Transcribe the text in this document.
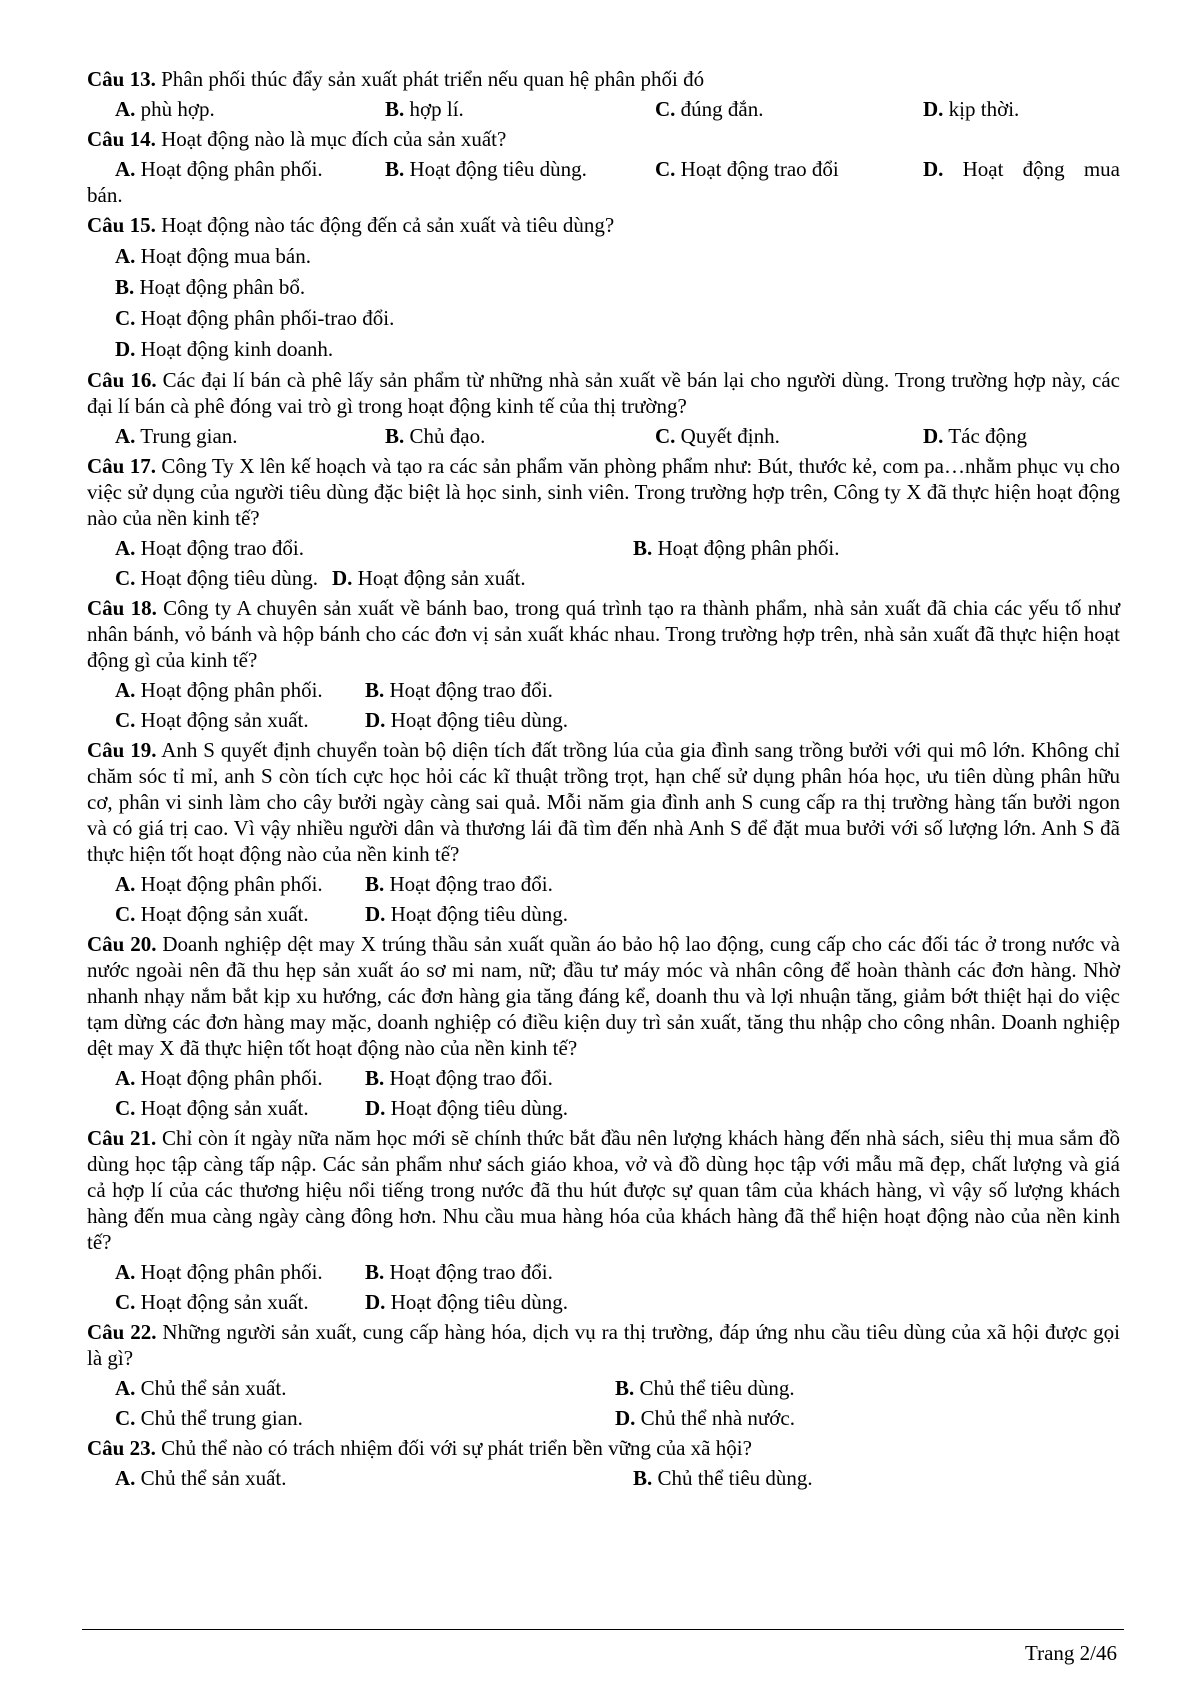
Câu 13. Phân phối thúc đẩy sản xuất phát triển nếu quan hệ phân phối đó

A. phù hợp.	B. hợp lí.	C. đúng đắn.	D. kịp thời.

Câu 14. Hoạt động nào là mục đích của sản xuất?

A. Hoạt động phân phối.	B. Hoạt động tiêu dùng.	C. Hoạt động trao đổi	D. Hoạt động mua

bán.

Câu 15. Hoạt động nào tác động đến cả sản xuất và tiêu dùng?

A.
Hoạt động mua bán.
B.
Hoạt động phân bổ.
C.
Hoạt động phân phối-trao đổi.
D.
Hoạt động kinh doanh.

Câu 16. Các đại lí bán cà phê lấy sản phẩm từ những nhà sản xuất về bán lại cho người dùng. Trong trường hợp này, các đại lí bán cà phê đóng vai trò gì trong hoạt động kinh tế của thị trường?

A. Trung gian.	B. Chủ đạo.	C. Quyết định.	D. Tác động

Câu 17. Công Ty X lên kế hoạch và tạo ra các sản phẩm văn phòng phẩm như: Bút, thước kẻ, com pa…nhằm phục vụ cho việc sử dụng của người tiêu dùng đặc biệt là học sinh, sinh viên. Trong trường hợp trên, Công ty X đã thực hiện hoạt động nào của nền kinh tế?

A. Hoạt động trao đổi.	B. Hoạt động phân phối.
C. Hoạt động tiêu dùng. D. Hoạt động sản xuất.

Câu 18. Công ty A chuyên sản xuất về bánh bao, trong quá trình tạo ra thành phẩm, nhà sản xuất đã chia các yếu tố như nhân bánh, vỏ bánh và hộp bánh cho các đơn vị sản xuất khác nhau. Trong trường hợp trên, nhà sản xuất đã thực hiện hoạt động gì của kinh tế?

A. Hoạt động phân phối.	B. Hoạt động trao đổi.
C. Hoạt động sản xuất.	D. Hoạt động tiêu dùng.

Câu 19. Anh S quyết định chuyển toàn bộ diện tích đất trồng lúa của gia đình sang trồng bưởi với qui mô lớn. Không chỉ chăm sóc tỉ mỉ, anh S còn tích cực học hỏi các kĩ thuật trồng trọt, hạn chế sử dụng phân hóa học, ưu tiên dùng phân hữu cơ, phân vi sinh làm cho cây bưởi ngày càng sai quả. Mỗi năm gia đình anh S cung cấp ra thị trường hàng tấn bưởi ngon và có giá trị cao. Vì vậy nhiều người dân và thương lái đã tìm đến nhà Anh S để đặt mua bưởi với số lượng lớn. Anh S đã thực hiện tốt hoạt động nào của nền kinh tế?

A. Hoạt động phân phối.	B. Hoạt động trao đổi.
C. Hoạt động sản xuất.	D. Hoạt động tiêu dùng.

Câu 20. Doanh nghiệp dệt may X trúng thầu sản xuất quần áo bảo hộ lao động, cung cấp cho các đối tác ở trong nước và nước ngoài nên đã thu hẹp sản xuất áo sơ mi nam, nữ; đầu tư máy móc và nhân công để hoàn thành các đơn hàng. Nhờ nhanh nhạy nắm bắt kịp xu hướng, các đơn hàng gia tăng đáng kể, doanh thu và lợi nhuận tăng, giảm bớt thiệt hại do việc tạm dừng các đơn hàng may mặc, doanh nghiệp có điều kiện duy trì sản xuất, tăng thu nhập cho công nhân. Doanh nghiệp dệt may X đã thực hiện tốt hoạt động nào của nền kinh tế?

A. Hoạt động phân phối.	B. Hoạt động trao đổi.
C. Hoạt động sản xuất.	D. Hoạt động tiêu dùng.

Câu 21. Chỉ còn ít ngày nữa năm học mới sẽ chính thức bắt đầu nên lượng khách hàng đến nhà sách, siêu thị mua sắm đồ dùng học tập càng tấp nập. Các sản phẩm như sách giáo khoa, vở và đồ dùng học tập với mẫu mã đẹp, chất lượng và giá cả hợp lí của các thương hiệu nổi tiếng trong nước đã thu hút được sự quan tâm của khách hàng, vì vậy số lượng khách hàng đến mua càng ngày càng đông hơn. Nhu cầu mua hàng hóa của khách hàng đã thể hiện hoạt động nào của nền kinh tế?

A. Hoạt động phân phối.	B. Hoạt động trao đổi.
C. Hoạt động sản xuất.	D. Hoạt động tiêu dùng.

Câu 22. Những người sản xuất, cung cấp hàng hóa, dịch vụ ra thị trường, đáp ứng nhu cầu tiêu dùng của xã hội được gọi là gì?

A. Chủ thể sản xuất.	B. Chủ thể tiêu dùng.
C. Chủ thể trung gian.	D. Chủ thể nhà nước.

Câu 23. Chủ thể nào có trách nhiệm đối với sự phát triển bền vững của xã hội?

A. Chủ thể sản xuất.	B. Chủ thể tiêu dùng.
Trang 2/46
